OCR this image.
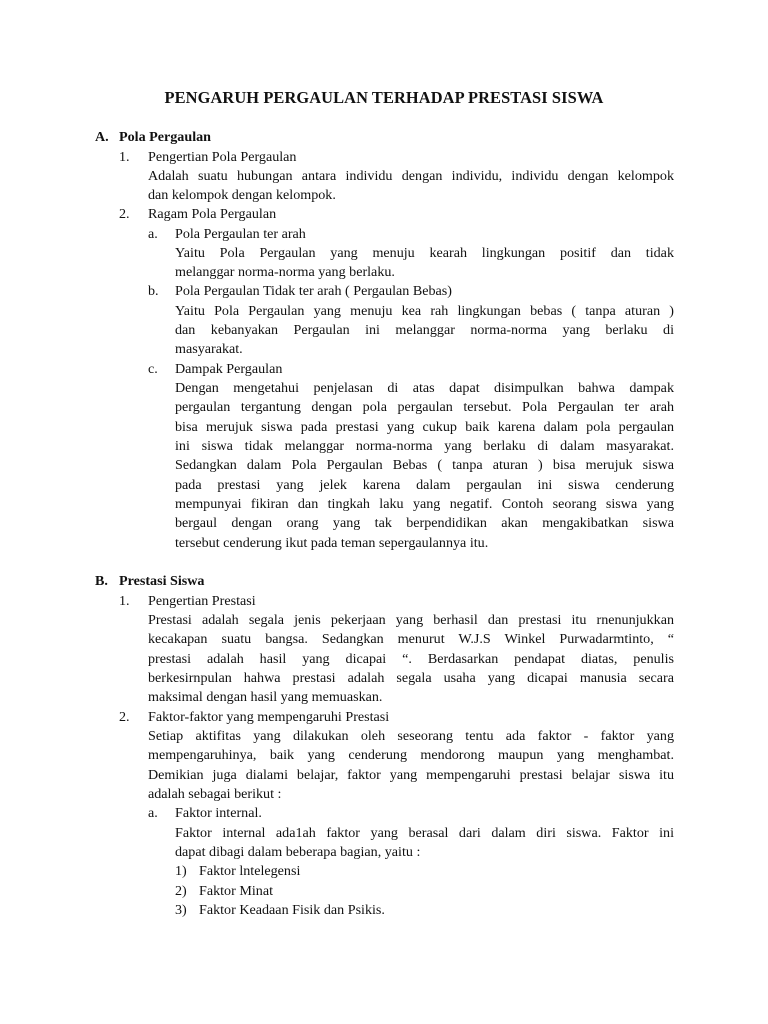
PENGARUH PERGAULAN TERHADAP PRESTASI SISWA
A. Pola Pergaulan
1. Pengertian Pola Pergaulan
Adalah suatu hubungan antara individu dengan individu, individu dengan kelompok
dan kelompok dengan kelompok.
2. Ragam Pola Pergaulan
a. Pola Pergaulan ter arah
Yaitu Pola Pergaulan yang menuju kearah lingkungan positif dan tidak
melanggar norma-norma yang berlaku.
b. Pola Pergaulan Tidak ter arah ( Pergaulan Bebas)
Yaitu Pola Pergaulan yang menuju kea rah lingkungan bebas ( tanpa aturan )
dan kebanyakan Pergaulan ini melanggar norma-norma yang berlaku di
masyarakat.
c. Dampak Pergaulan
Dengan mengetahui penjelasan di atas dapat disimpulkan bahwa dampak
pergaulan tergantung dengan pola pergaulan tersebut. Pola Pergaulan ter arah
bisa merujuk siswa pada prestasi yang cukup baik karena dalam pola pergaulan
ini siswa tidak melanggar norma-norma yang berlaku di dalam masyarakat.
Sedangkan dalam Pola Pergaulan Bebas ( tanpa aturan ) bisa merujuk siswa
pada prestasi yang jelek karena dalam pergaulan ini siswa cenderung
mempunyai fikiran dan tingkah laku yang negatif. Contoh seorang siswa yang
bergaul dengan orang yang tak berpendidikan akan mengakibatkan siswa
tersebut cenderung ikut pada teman sepergaulannya itu.
B. Prestasi Siswa
1. Pengertian Prestasi
Prestasi adalah segala jenis pekerjaan yang berhasil dan prestasi itu rnenunjukkan
kecakapan suatu bangsa. Sedangkan menurut W.J.S Winkel Purwadarmtinto, “
prestasi adalah hasil yang dicapai “. Berdasarkan pendapat diatas, penulis
berkesirnpulan hahwa prestasi adalah segala usaha yang dicapai manusia secara
maksimal dengan hasil yang memuaskan.
2. Faktor-faktor yang mempengaruhi Prestasi
Setiap aktifitas yang dilakukan oleh seseorang tentu ada faktor - faktor yang
mempengaruhinya, baik yang cenderung mendorong maupun yang menghambat.
Demikian juga dialami belajar, faktor yang mempengaruhi prestasi belajar siswa itu
adalah sebagai berikut :
a. Faktor internal.
Faktor internal ada1ah faktor yang berasal dari dalam diri siswa. Faktor ini
dapat dibagi dalam beberapa bagian, yaitu :
1) Faktor lntelegensi
2) Faktor Minat
3) Faktor Keadaan Fisik dan Psikis.
